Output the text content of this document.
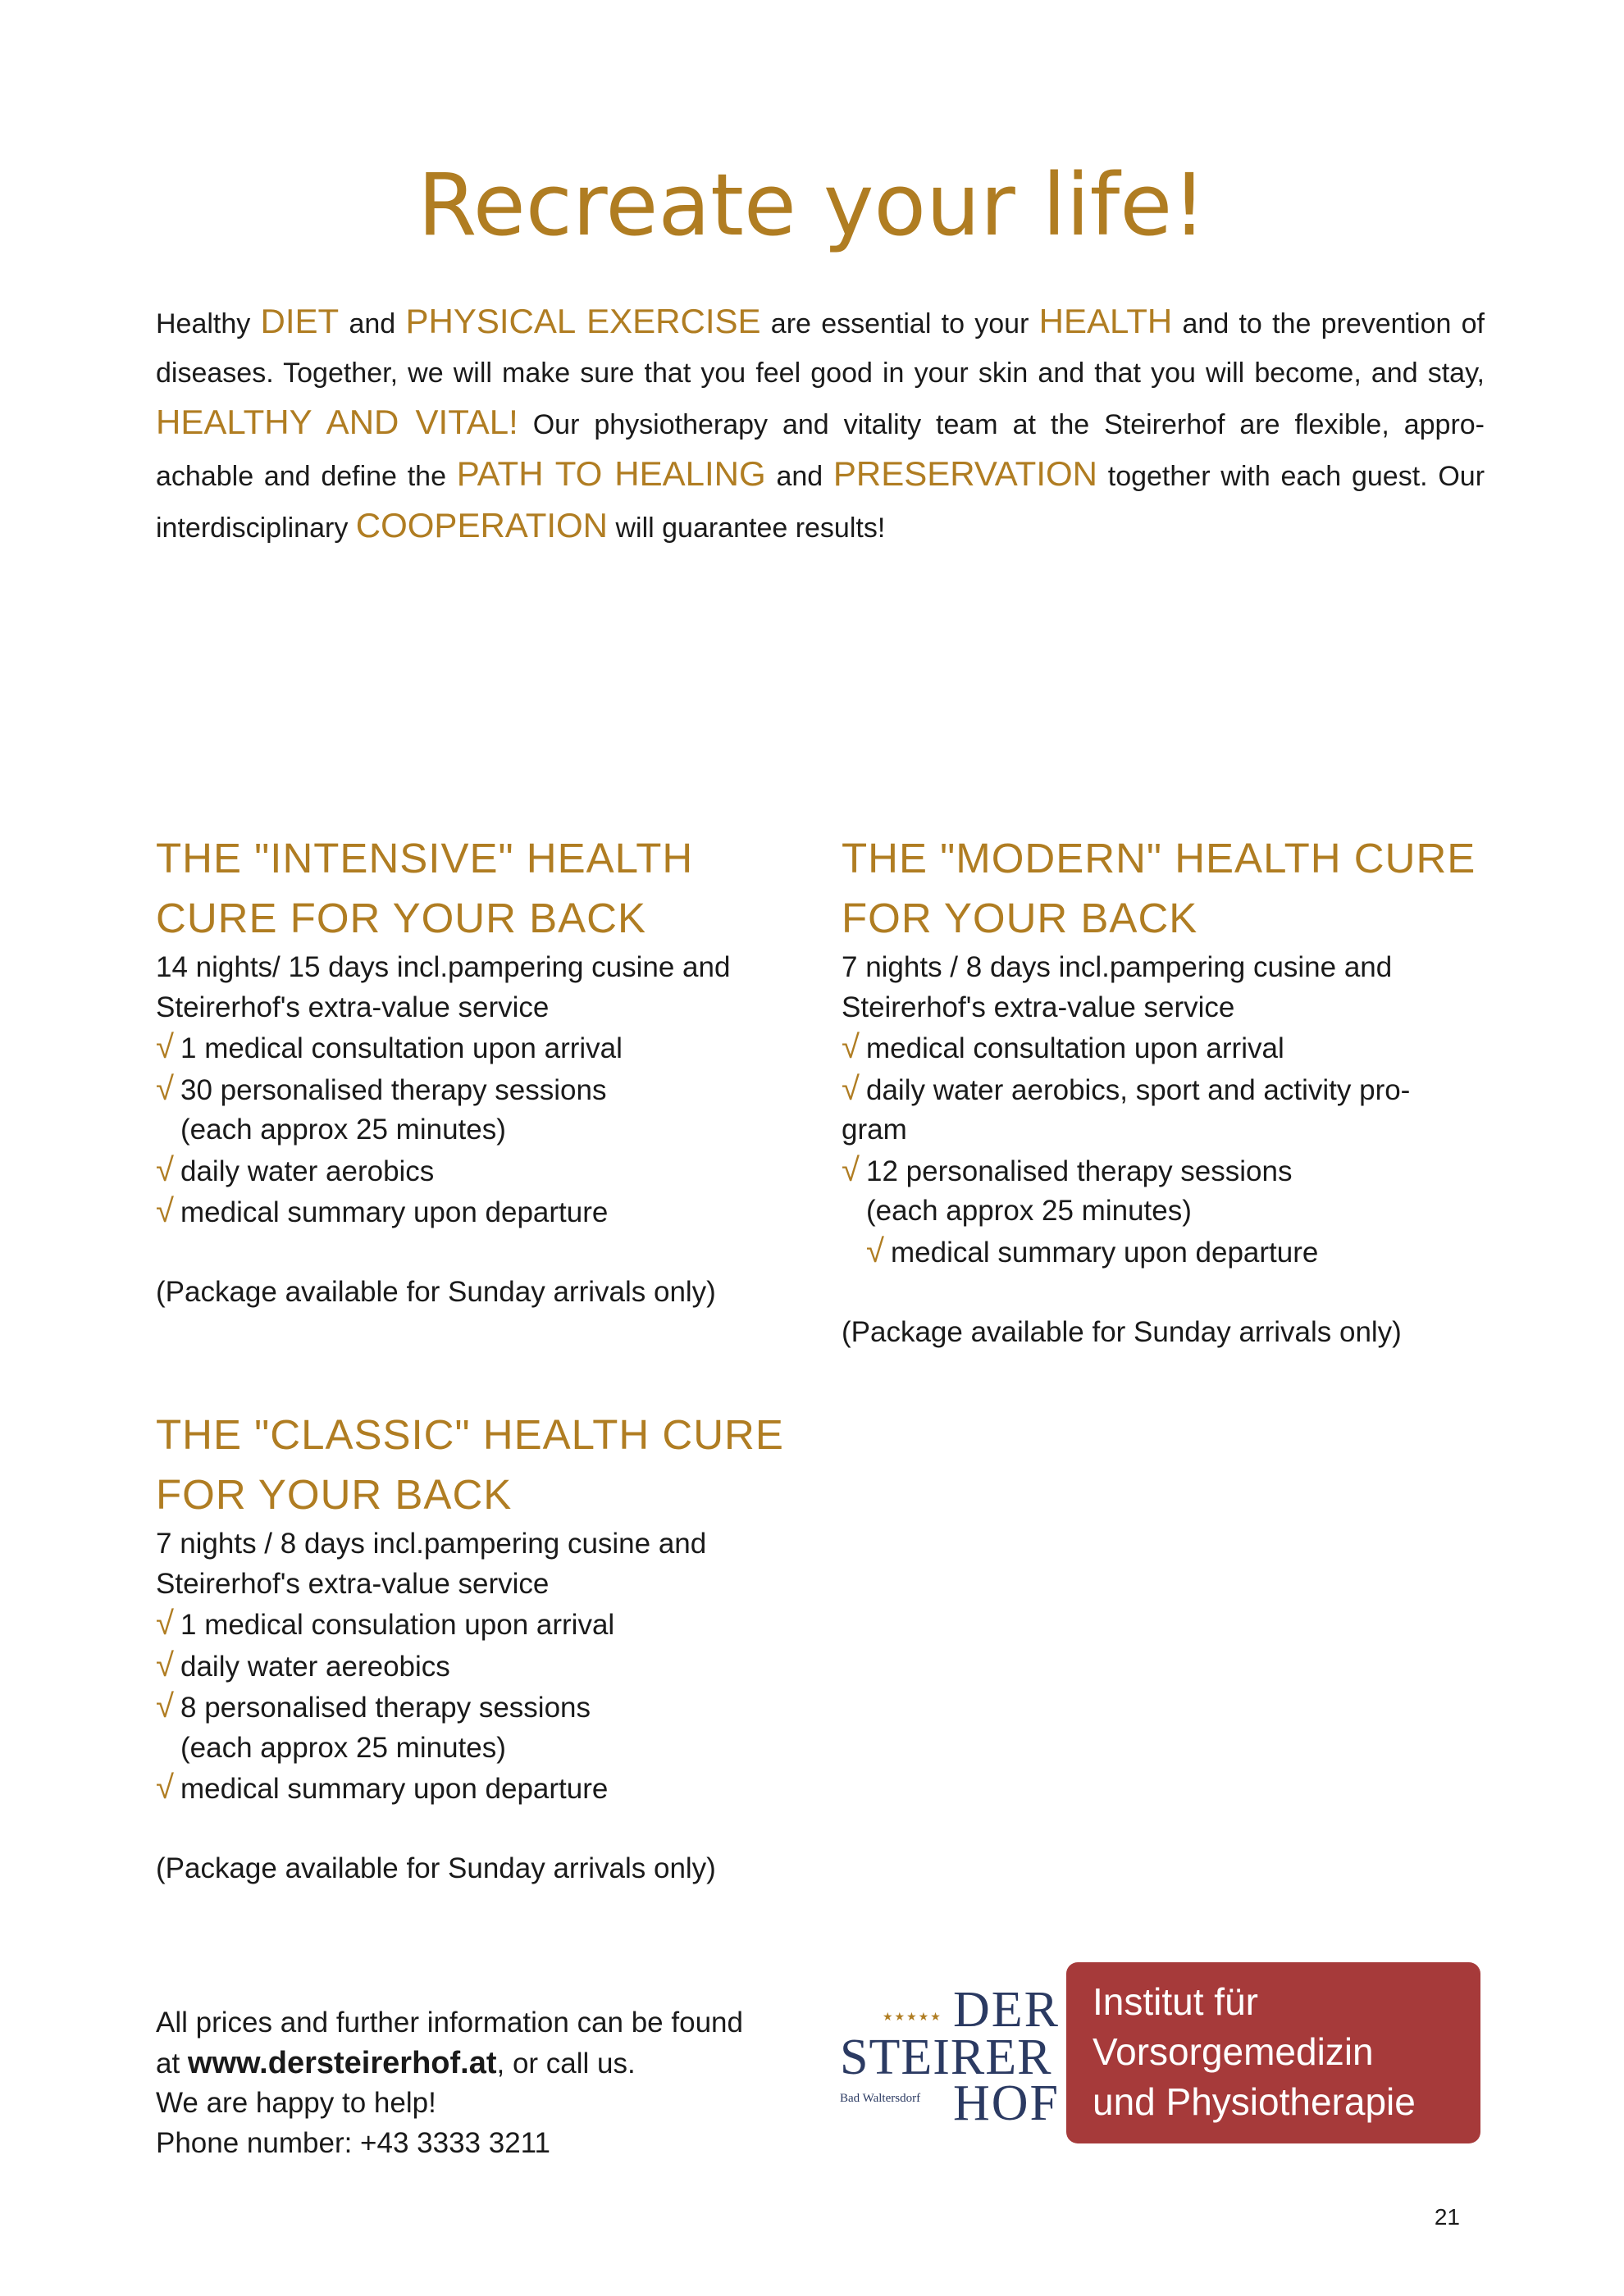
Recreate your life!

Healthy DIET and PHYSICAL EXERCISE are essential to your HEALTH and to the prevention of diseases. Together, we will make sure that you feel good in your skin and that you will become, and stay, HEALTHY AND VITAL! Our physiotherapy and vitality team at the Steirerhof are flexible, appro-achable and define the PATH TO HEALING and PRESERVATION together with each guest. Our interdisciplinary COOPERATION will guarantee results!

THE "INTENSIVE" HEALTH
CURE FOR YOUR BACK
14 nights/ 15 days incl.pampering cusine and
Steirerhof's extra-value service
√ 1 medical consultation upon arrival
√ 30 personalised therapy sessions
(each approx 25 minutes)
√ daily water aerobics
√ medical summary upon departure
(Package available for Sunday arrivals only)
THE "MODERN" HEALTH CURE
FOR YOUR BACK
7 nights / 8 days incl.pampering cusine and
Steirerhof's extra-value service
√ medical consultation upon arrival
√ daily water aerobics, sport and activity pro-
gram
√ 12 personalised therapy sessions
(each approx 25 minutes)
√ medical summary upon departure
(Package available for Sunday arrivals only)
THE "CLASSIC" HEALTH CURE
FOR YOUR BACK
7 nights / 8 days incl.pampering cusine and
Steirerhof's extra-value service
√ 1 medical consulation upon arrival
√ daily water aereobics
√ 8 personalised therapy sessions
(each approx 25 minutes)
√ medical summary upon departure
(Package available for Sunday arrivals only)
All prices and further information can be found
at www.dersteirerhof.at, or call us.
We are happy to help!
Phone number: +43 3333 3211
★★★★★ DER
STEIRER
Bad Waltersdorf HOF
Institut für
Vorsorgemedizin
und Physiotherapie
21
